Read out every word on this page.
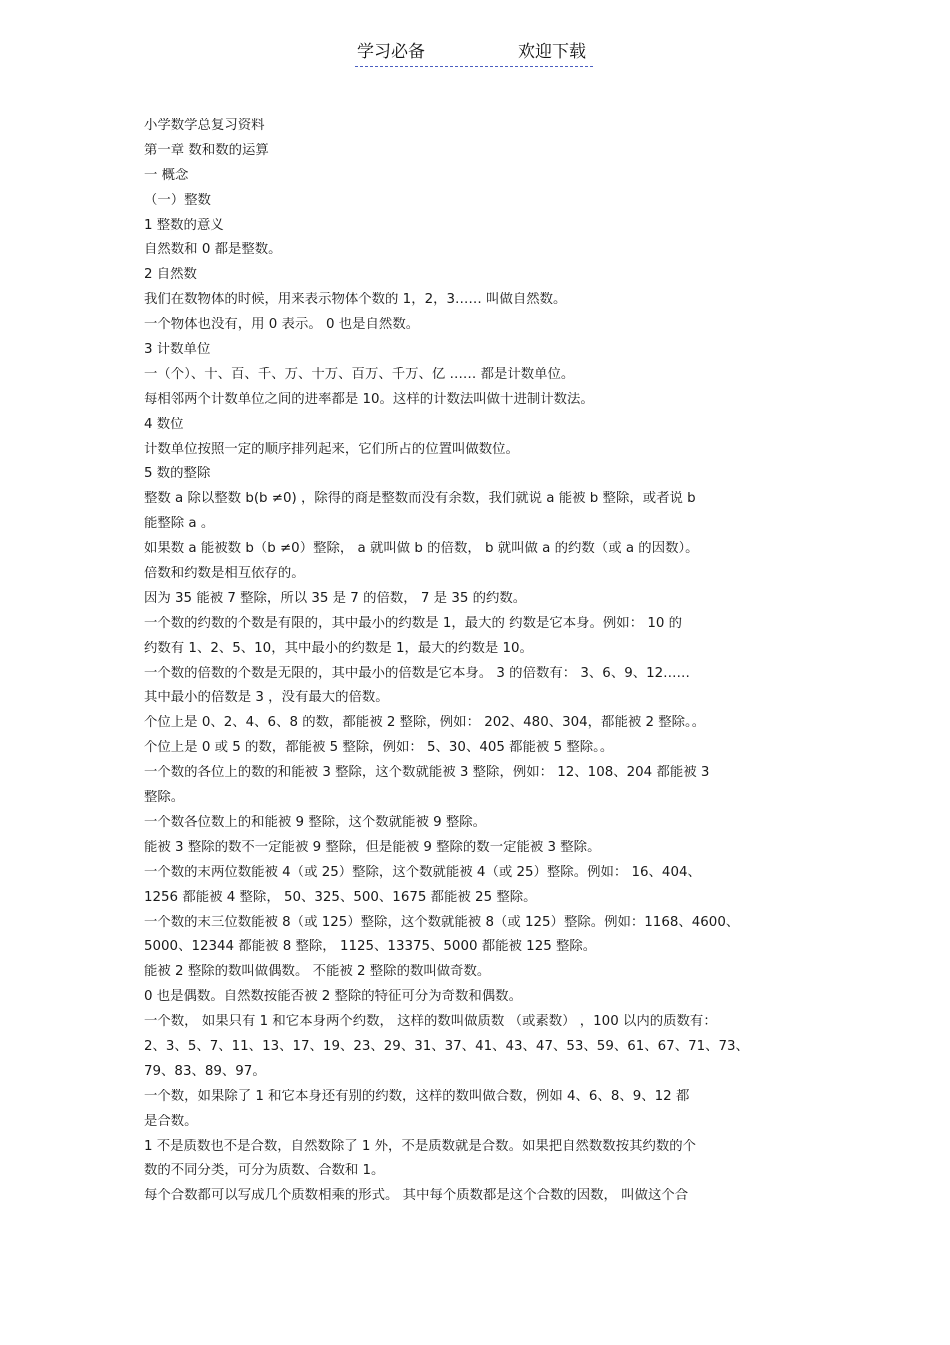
学习必备	欢迎下载
小学数学总复习资料
第一章 数和数的运算
一 概念
（一）整数
1 整数的意义
自然数和 0 都是整数。
2 自然数
我们在数物体的时候，用来表示物体个数的 1，2，3…… 叫做自然数。
一个物体也没有，用 0 表示。 0 也是自然数。
3 计数单位
一（个）、十、百、千、万、十万、百万、千万、亿 …… 都是计数单位。
每相邻两个计数单位之间的进率都是 10。这样的计数法叫做十进制计数法。
4 数位
计数单位按照一定的顺序排列起来，它们所占的位置叫做数位。
5 数的整除
整数 a 除以整数 b(b ≠0) ，除得的商是整数而没有余数，我们就说 a 能被 b 整除，或者说 b
能整除 a 。
如果数 a 能被数 b（b ≠0）整除， a 就叫做 b 的倍数， b 就叫做 a 的约数（或 a 的因数）。
倍数和约数是相互依存的。
因为 35 能被 7 整除，所以 35 是 7 的倍数， 7 是 35 的约数。
一个数的约数的个数是有限的，其中最小的约数是 1，最大的 约数是它本身。例如： 10 的
约数有 1、2、5、10，其中最小的约数是 1，最大的约数是 10。
一个数的倍数的个数是无限的，其中最小的倍数是它本身。 3 的倍数有： 3、6、9、12……
其中最小的倍数是 3 ，没有最大的倍数。
个位上是 0、2、4、6、8 的数，都能被 2 整除，例如： 202、480、304，都能被 2 整除。。
个位上是 0 或 5 的数，都能被 5 整除，例如： 5、30、405 都能被 5 整除。。
一个数的各位上的数的和能被 3 整除，这个数就能被 3 整除，例如： 12、108、204 都能被 3
整除。
一个数各位数上的和能被 9 整除，这个数就能被 9 整除。
能被 3 整除的数不一定能被 9 整除，但是能被 9 整除的数一定能被 3 整除。
一个数的末两位数能被 4（或 25）整除，这个数就能被 4（或 25）整除。例如： 16、404、
1256 都能被 4 整除， 50、325、500、1675 都能被 25 整除。
一个数的末三位数能被 8（或 125）整除，这个数就能被 8（或 125）整除。例如：1168、4600、
5000、12344 都能被 8 整除， 1125、13375、5000 都能被 125 整除。
能被 2 整除的数叫做偶数。 不能被 2 整除的数叫做奇数。
0 也是偶数。自然数按能否被 2 整除的特征可分为奇数和偶数。
一个数， 如果只有 1 和它本身两个约数， 这样的数叫做质数 （或素数） ，100 以内的质数有：
2、3、5、7、11、13、17、19、23、29、31、37、41、43、47、53、59、61、67、71、73、
79、83、89、97。
一个数，如果除了 1 和它本身还有别的约数，这样的数叫做合数，例如 4、6、8、9、12 都
是合数。
1 不是质数也不是合数，自然数除了 1 外，不是质数就是合数。如果把自然数数按其约数的个
数的不同分类，可分为质数、合数和 1。
每个合数都可以写成几个质数相乘的形式。 其中每个质数都是这个合数的因数， 叫做这个合
